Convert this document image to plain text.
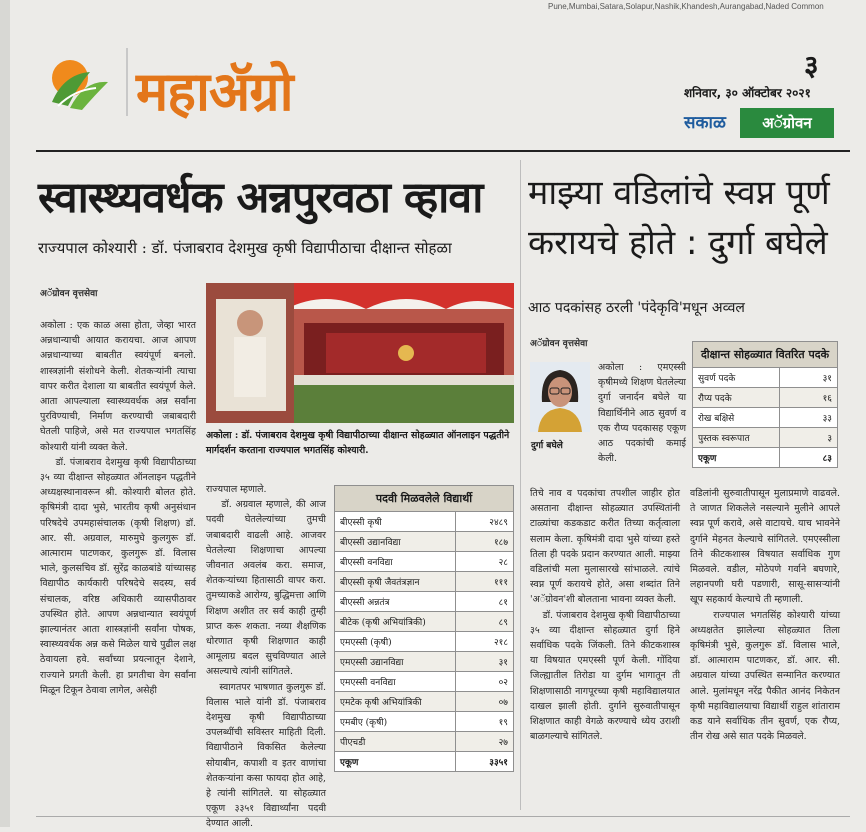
Pune,Mumbai,Satara,Solapur,Nashik,Khandesh,Aurangabad,Naded Common
महाॲग्रो	३
शनिवार, ३० ऑक्टोबर २०२१
सकाळ	अॅग्रोवन
स्वास्थ्यवर्धक अन्नपुरवठा व्हावा
राज्यपाल कोश्यारी : डॉ. पंजाबराव देशमुख कृषी विद्यापीठाचा दीक्षान्त सोहळा
अॅग्रोवन वृत्तसेवा
अकोला : एक काळ असा होता, जेव्हा भारत अन्नधान्याची आयात करायचा. आज आपण अन्नधान्याच्या बाबतीत स्वयंपूर्ण बनलो. शास्त्रज्ञांनी संशोधने केली. शेतकऱ्यांनी त्याचा वापर करीत देशाला या बाबतीत स्वयंपूर्ण केले. आता आपल्याला स्वास्थ्यवर्धक अन्न सर्वांना पुरविण्याची, निर्माण करण्याची जबाबदारी घेतली पाहिजे, असे मत राज्यपाल भगतसिंह कोश्यारी यांनी व्यक्त केले.
डॉ. पंजाबराव देशमुख कृषी विद्यापीठाच्या ३५ व्या दीक्षान्त सोहळ्यात ऑनलाइन पद्धतीने अध्यक्षस्थानावरून श्री. कोश्यारी बोलत होते. कृषिमंत्री दादा भुसे, भारतीय कृषी अनुसंधान परिषदेचे उपमहासंचालक (कृषी शिक्षण) डॉ. आर. सी. अग्रवाल, मारुमुघे कुलगुरू डॉ. आत्माराम पाटणकर, कुलगुरू डॉ. विलास भाले, कुलसचिव डॉ. सुरेंद्र काळबांडे यांच्यासह विद्यापीठ कार्यकारी परिषदेचे सदस्य, सर्व संचालक, वरिष्ठ अधिकारी व्यासपीठावर उपस्थित होते. आपण अन्नधान्यात स्वयंपूर्ण झाल्यानंतर आता शास्त्रज्ञांनी सर्वांना पोषक, स्वास्थ्यवर्धक अन्न कसे मिळेल याचे पुढील लक्ष ठेवायला हवे. सर्वांच्या प्रयत्नातून देशाने, राज्याने प्रगती केली. हा प्रगतीचा वेग सर्वांना मिळून टिकून ठेवावा लागेल, असेही
अकोला : डॉ. पंजाबराव देशमुख कृषी विद्यापीठाच्या दीक्षान्त सोहळ्यात ऑनलाइन पद्धतीने मार्गदर्शन करताना राज्यपाल भगतसिंह कोश्यारी.
राज्यपाल म्हणाले.
डॉ. अग्रवाल म्हणाले, की आज पदवी घेतलेल्यांच्या तुमची जबाबदारी वाढली आहे. आजवर घेतलेल्या शिक्षणाचा आपल्या जीवनात अवलंब करा. समाज, शेतकऱ्यांच्या हितासाठी वापर करा. तुमच्याकडे आरोग्य, बुद्धिमत्ता आणि शिक्षण अशीत तर सर्व काही तुम्ही प्राप्त करू शकता. नव्या शैक्षणिक धोरणात कृषी शिक्षणात काही आमूलाग्र बदल सुचविण्यात आले असल्याचे त्यांनी सांगितले.
स्वागतपर भाषणात कुलगुरू डॉ. विलास भाले यांनी डॉ. पंजाबराव देशमुख कृषी विद्यापीठाच्या उपलब्धींची सविस्तर माहिती दिली. विद्यापीठाने विकसित केलेल्या सोयाबीन, कपाशी व इतर वाणांचा शेतकऱ्यांना कसा फायदा होत आहे, हे त्यांनी सांगितले. या सोहळ्यात एकूण ३३५१ विद्यार्थ्यांना पदवी देण्यात आली.
पदवी मिळवलेले विद्यार्थी	
बीएस्सी कृषी	२४८९
बीएस्सी उद्यानविद्या	१८७
बीएस्सी वनविद्या	२८
बीएस्सी कृषी जैवतंत्रज्ञान	१११
बीएस्सी अन्नतंत्र	८१
बीटेक (कृषी अभियांत्रिकी)	८९
एमएस्सी (कृषी)	२१८
एमएस्सी उद्यानविद्या	३१
एमएस्सी वनविद्या	०२
एमटेक कृषी अभियांत्रिकी	०७
एमबीए (कृषी)	१९
पीएचडी	२७
एकूण	३३५१
माझ्या वडिलांचे स्वप्न पूर्ण करायचे होते : दुर्गा बघेले
आठ पदकांसह ठरली 'पंदेकृवि'मधून अव्वल
अॅग्रोवन वृत्तसेवा
दुर्गा बघेले
अकोला : एमएस्सी कृषीमध्ये शिक्षण घेतलेल्या दुर्गा जनार्दन बघेले या विद्यार्थिनीने आठ सुवर्ण व एक रौप्य पदकासह एकूण आठ पदकांची कमाई केली.
दीक्षान्त सोहळ्यात वितरित पदके	
सुवर्ण पदके	३१
रौप्य पदके	१६
रोख बक्षिसे	३३
पुस्तक स्वरूपात	३
एकूण	८३
तिचे नाव व पदकांचा तपशील जाहीर होत असताना दीक्षान्त सोहळ्यात उपस्थितांनी टाळ्यांचा कडकडाट करीत तिच्या कर्तृत्वाला सलाम केला. कृषिमंत्री दादा भुसे यांच्या हस्ते तिला ही पदके प्रदान करण्यात आली. माझ्या वडिलांची मला मुलासारखे सांभाळले. त्यांचे स्वप्न पूर्ण करायचे होते, असा शब्दांत तिने 'अॅग्रोवन'शी बोलताना भावना व्यक्त केली.
डॉ. पंजाबराव देशमुख कृषी विद्यापीठाच्या ३५ व्या दीक्षान्त सोहळ्यात दुर्गा हिने सर्वाधिक पदके जिंकली. तिने कीटकशास्त्र या विषयात एमएस्सी पूर्ण केली. गोंदिया जिल्ह्यातील तिरोडा या दुर्गम भागातून ती शिक्षणासाठी नागपूरच्या कृषी महाविद्यालयात दाखल झाली होती. दुर्गाने सुरुवातीपासून शिक्षणात काही वेगळे करण्याचे ध्येय उराशी बाळगल्याचे सांगितले.
वडिलांनी सुरुवातीपासून मुलाप्रमाणे वाढवले. ते जाणत शिकलेले नसल्याने मुलीने आपले स्वप्न पूर्ण करावे, असे वाटायचे. याच भावनेने दुर्गाने मेहनत केल्याचे सांगितले. एमएस्सीला तिने कीटकशास्त्र विषयात सर्वाधिक गुण मिळवले. वडील, मोठेपणे गर्वाने बघणारे, लहानपणी घरी पडणारी, सासू-सासऱ्यांनी खूप सहकार्य केल्याचे ती म्हणाली.
राज्यपाल भगतसिंह कोश्यारी यांच्या अध्यक्षतेत झालेल्या सोहळ्यात तिला कृषिमंत्री भुसे, कुलगुरू डॉ. विलास भाले, डॉ. आत्माराम पाटणकर, डॉ. आर. सी. अग्रवाल यांच्या उपस्थित सन्मानित करण्यात आले. मुलांमधून नरेंद्र पैकीत आनंद निकेतन कृषी महाविद्यालयाचा विद्यार्थी राहुल शांताराम कड याने सर्वाधिक तीन सुवर्ण, एक रौप्य, तीन रोख असे सात पदके मिळवले.
